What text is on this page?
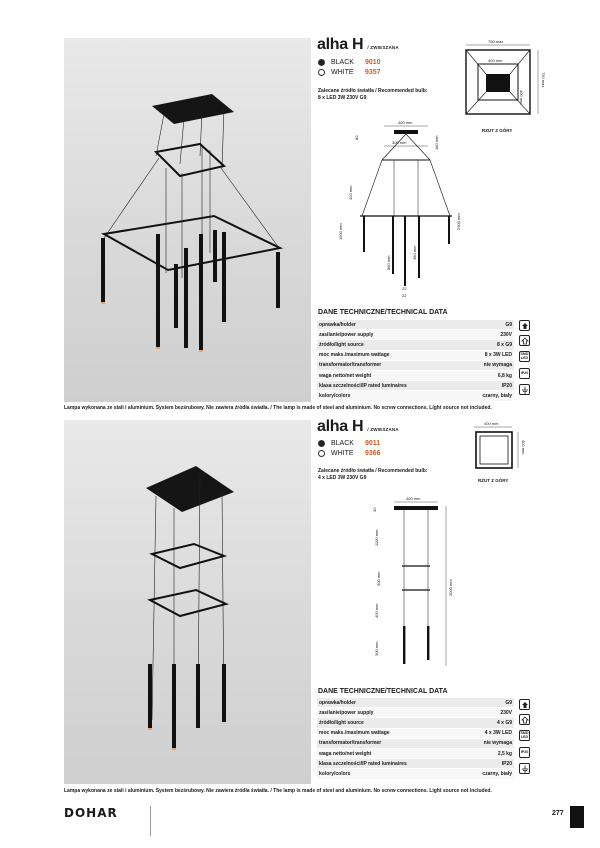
alha H / ZWIESZANA
BLACK	9010
WHITE	9357
Zalecane źródło światła / Recommended bulb:
8 x LED 3W 230V G9
750 max
400 mm
400 mm
750 max
RZUT Z GÓRY
400 mm
300 mm
80	180 mm
420 mm
1500 mm
2300 mm
880 mm
380 mm
22
22
DANE TECHNICZNE/TECHNICAL DATA
oprawka/holder	G9
zasilanie/power supply	230V
źródło/light source	8 x G9
moc maks./maximum wattage	8 x 3W LED
transformator/transformer	nie wymaga
waga netto/net weight	6,8 kg
klasa szczelności/IP rated luminaires	IP20
kolory/colors	czarny, biały
SMD
LED
IP20
Lampa wykonana ze stali i aluminium. System bezśrubowy. Nie zawiera źródła światła. / The lamp is made of steel and aluminium. No screw connections. Light source not included.
alha H / ZWIESZANA
BLACK	9011
WHITE	9366
Zalecane źródło światła / Recommended bulb:
4 x LED 3W 230V G9
400 mm
400 mm
RZUT Z GÓRY
400 mm
30
1100 mm
300 mm
400 mm
300 mm
3000 mm
DANE TECHNICZNE/TECHNICAL DATA
oprawka/holder	G9
zasilanie/power supply	230V
źródło/light source	4 x G9
moc maks./maximum wattage	4 x 3W LED
transformator/transformer	nie wymaga
waga netto/net weight	2,5 kg
klasa szczelności/IP rated luminaires	IP20
kolory/colors	czarny, biały
SMD
LED
IP20
Lampa wykonana ze stali i aluminium. System bezśrubowy. Nie zawiera źródła światła. / The lamp is made of steel and aluminium. No screw connections. Light source not included.
DOHAR	277
